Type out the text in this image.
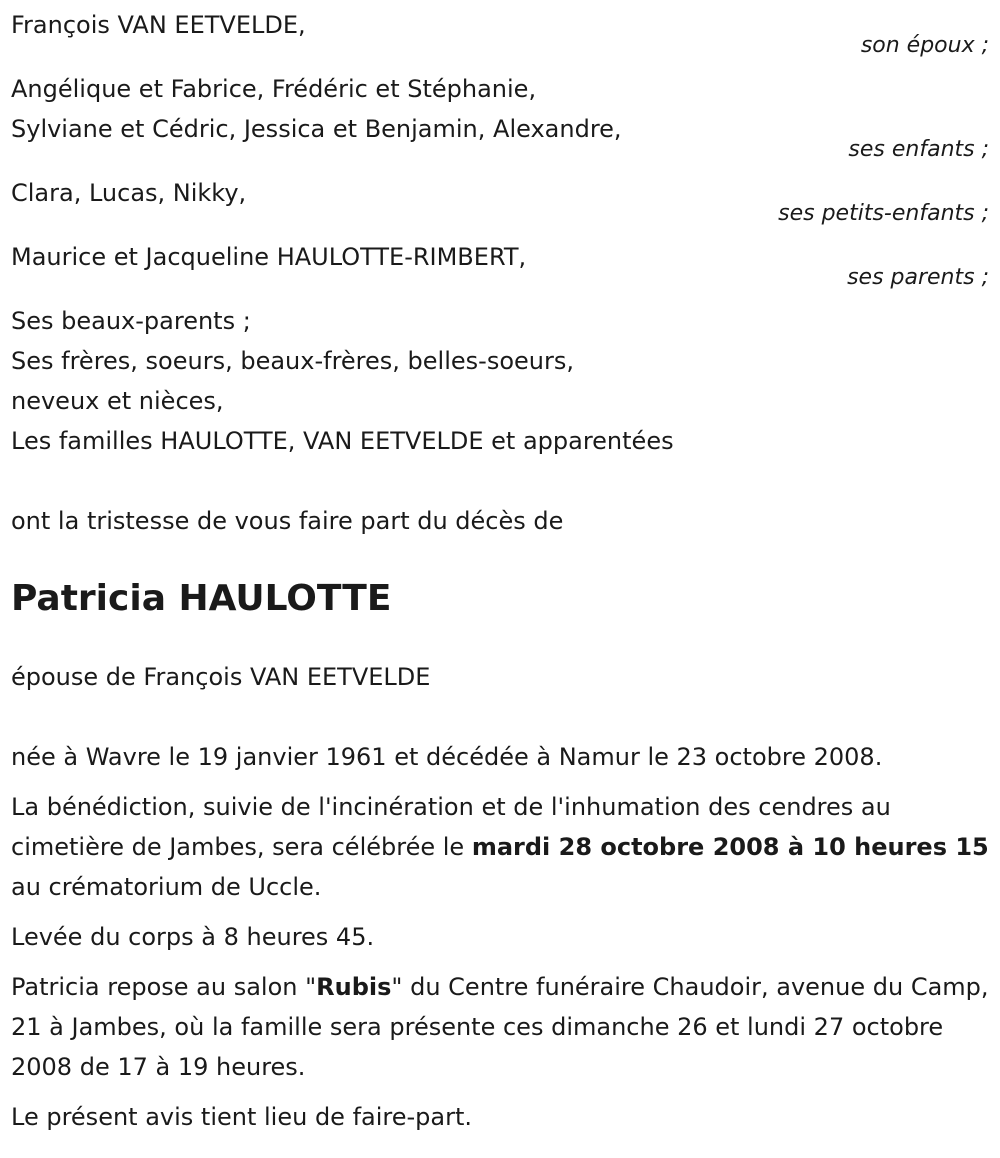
François VAN EETVELDE,
son époux ;
Angélique et Fabrice, Frédéric et Stéphanie,
Sylviane et Cédric, Jessica et Benjamin, Alexandre,
ses enfants ;
Clara, Lucas, Nikky,
ses petits-enfants ;
Maurice et Jacqueline HAULOTTE-RIMBERT,
ses parents ;
Ses beaux-parents ;
Ses frères, soeurs, beaux-frères, belles-soeurs,
neveux et nièces,
Les familles HAULOTTE, VAN EETVELDE et apparentées
ont la tristesse de vous faire part du décès de
Patricia HAULOTTE
épouse de François VAN EETVELDE
née à Wavre le 19 janvier 1961 et décédée à Namur le 23 octobre 2008.
La bénédiction, suivie de l'incinération et de l'inhumation des cendres au cimetière de Jambes, sera célébrée le mardi 28 octobre 2008 à 10 heures 15 au crématorium de Uccle.
Levée du corps à 8 heures 45.
Patricia repose au salon "Rubis" du Centre funéraire Chaudoir, avenue du Camp, 21 à Jambes, où la famille sera présente ces dimanche 26 et lundi 27 octobre 2008 de 17 à 19 heures.
Le présent avis tient lieu de faire-part.
